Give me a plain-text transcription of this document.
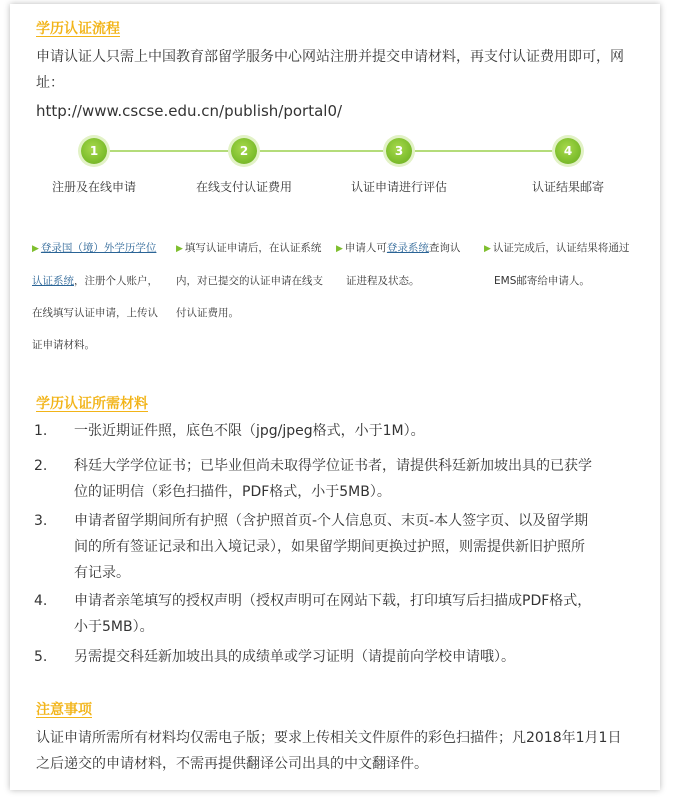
学历认证流程
申请认证人只需上中国教育部留学服务中心网站注册并提交申请材料，再支付认证费用即可，网址：
http://www.cscse.edu.cn/publish/portal0/
1	2	3	4
注册及在线申请	在线支付认证费用	认证申请进行评估	认证结果邮寄
▶ 登录国（境）外学历学位
认证系统，注册个人账户，
在线填写认证申请，上传认
证申请材料。
▶ 填写认证申请后，在认证系统
内，对已提交的认证申请在线支
付认证费用。
▶ 申请人可登录系统查询认
证进程及状态。
▶ 认证完成后，认证结果将通过
EMS邮寄给申请人。
学历认证所需材料
1.	一张近期证件照，底色不限（jpg/jpeg格式，小于1M）。
2.	科廷大学学位证书；已毕业但尚未取得学位证书者，请提供科廷新加坡出具的已获学
位的证明信（彩色扫描件，PDF格式，小于5MB）。
3.	申请者留学期间所有护照（含护照首页-个人信息页、末页-本人签字页、以及留学期
间的所有签证记录和出入境记录），如果留学期间更换过护照，则需提供新旧护照所
有记录。
4.	申请者亲笔填写的授权声明（授权声明可在网站下载，打印填写后扫描成PDF格式，
小于5MB）。
5.	另需提交科廷新加坡出具的成绩单或学习证明（请提前向学校申请哦）。
注意事项
认证申请所需所有材料均仅需电子版；要求上传相关文件原件的彩色扫描件；凡2018年1月1日
之后递交的申请材料，不需再提供翻译公司出具的中文翻译件。
